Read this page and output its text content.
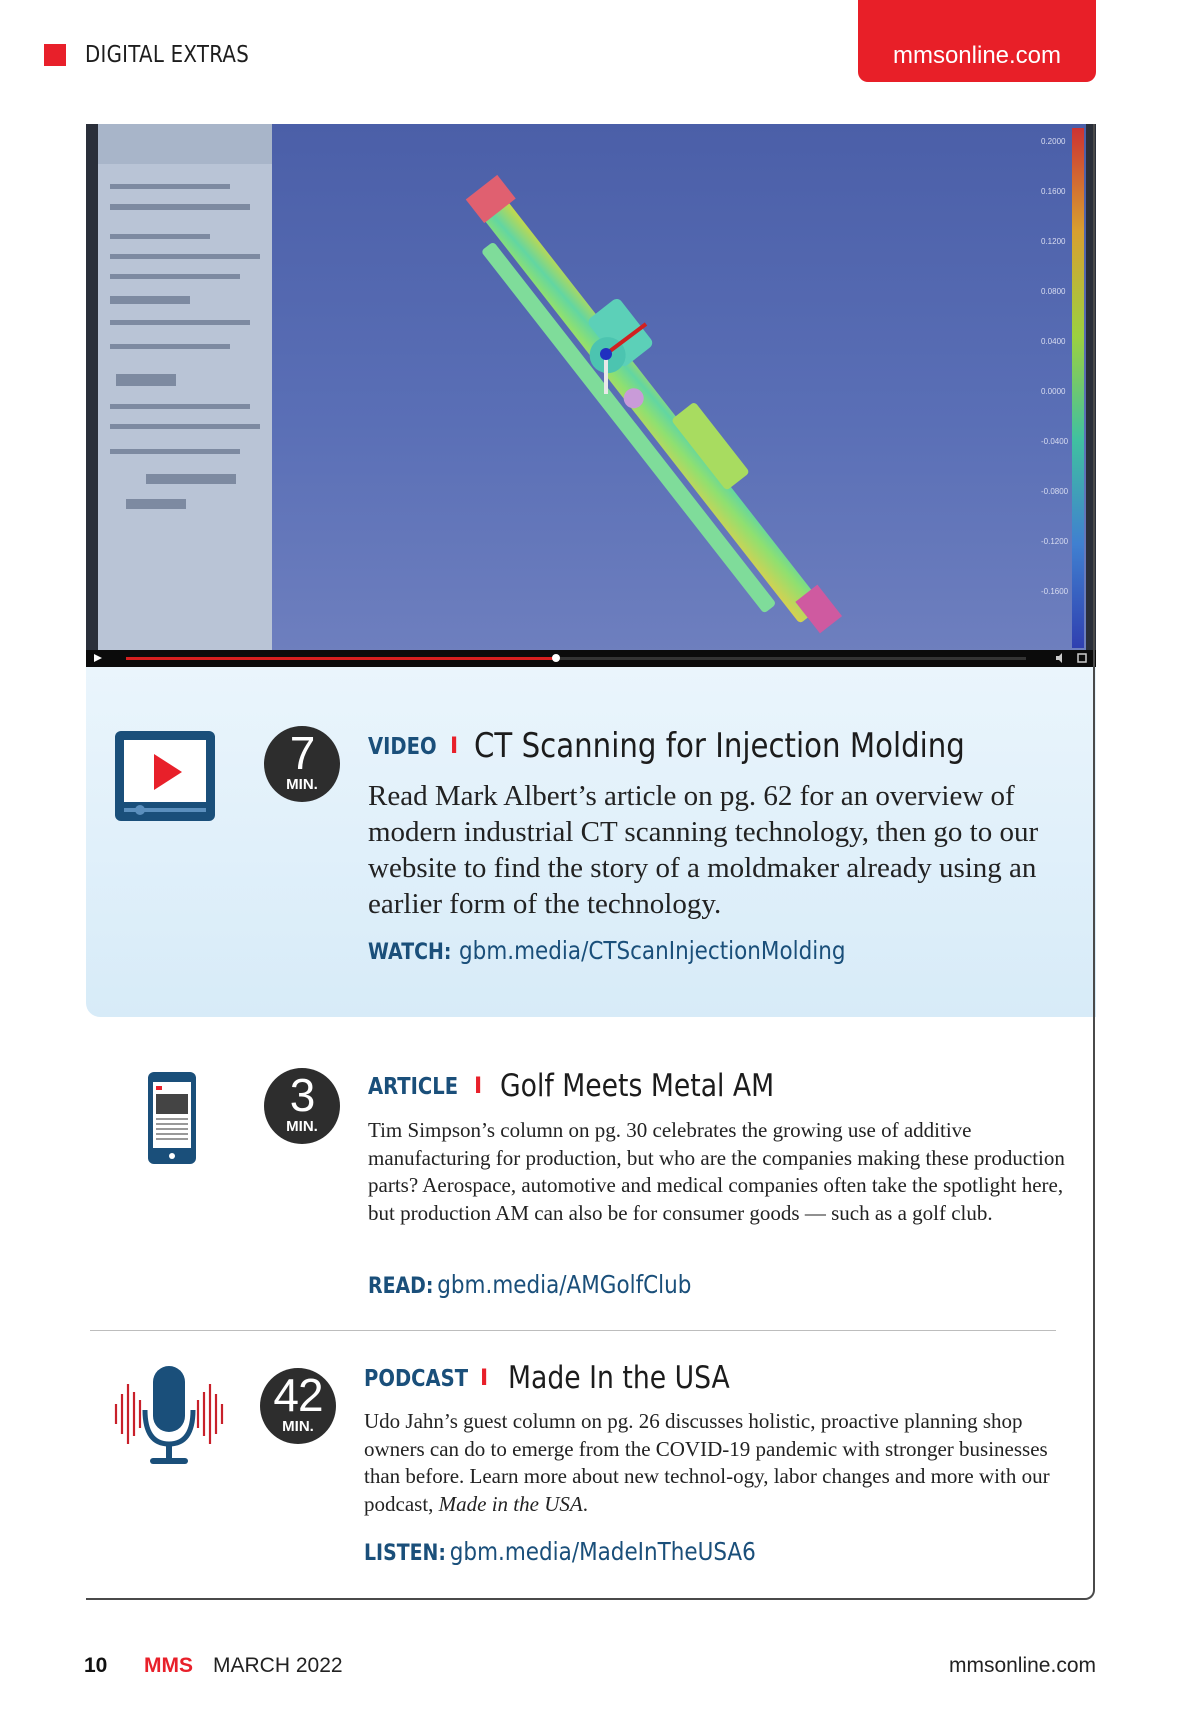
DIGITAL EXTRAS	mmsonline.com
0.2000
0.1600
0.1200
0.0800
0.0400
0.0000
-0.0400
-0.0800
-0.1200
-0.1600
7
MIN.
VIDEO I CT Scanning for Injection Molding
Read Mark Albert’s article on pg. 62 for an overview of modern industrial CT scanning technology, then go to our website to find the story of a moldmaker already using an earlier form of the technology.
WATCH: gbm.media/CTScanInjectionMolding
3
MIN.
ARTICLE I Golf Meets Metal AM
Tim Simpson’s column on pg. 30 celebrates the growing use of additive manufacturing for production, but who are the companies making these production parts? Aerospace, automotive and medical companies often take the spotlight here, but production AM can also be for consumer goods — such as a golf club.
READ: gbm.media/AMGolfClub
42
MIN.
PODCAST I Made In the USA
Udo Jahn’s guest column on pg. 26 discusses holistic, proactive planning shop owners can do to emerge from the COVID-19 pandemic with stronger businesses than before. Learn more about new technol-ogy, labor changes and more with our podcast, Made in the USA.
LISTEN: gbm.media/MadeInTheUSA6
10 MMS MARCH 2022	mmsonline.com
